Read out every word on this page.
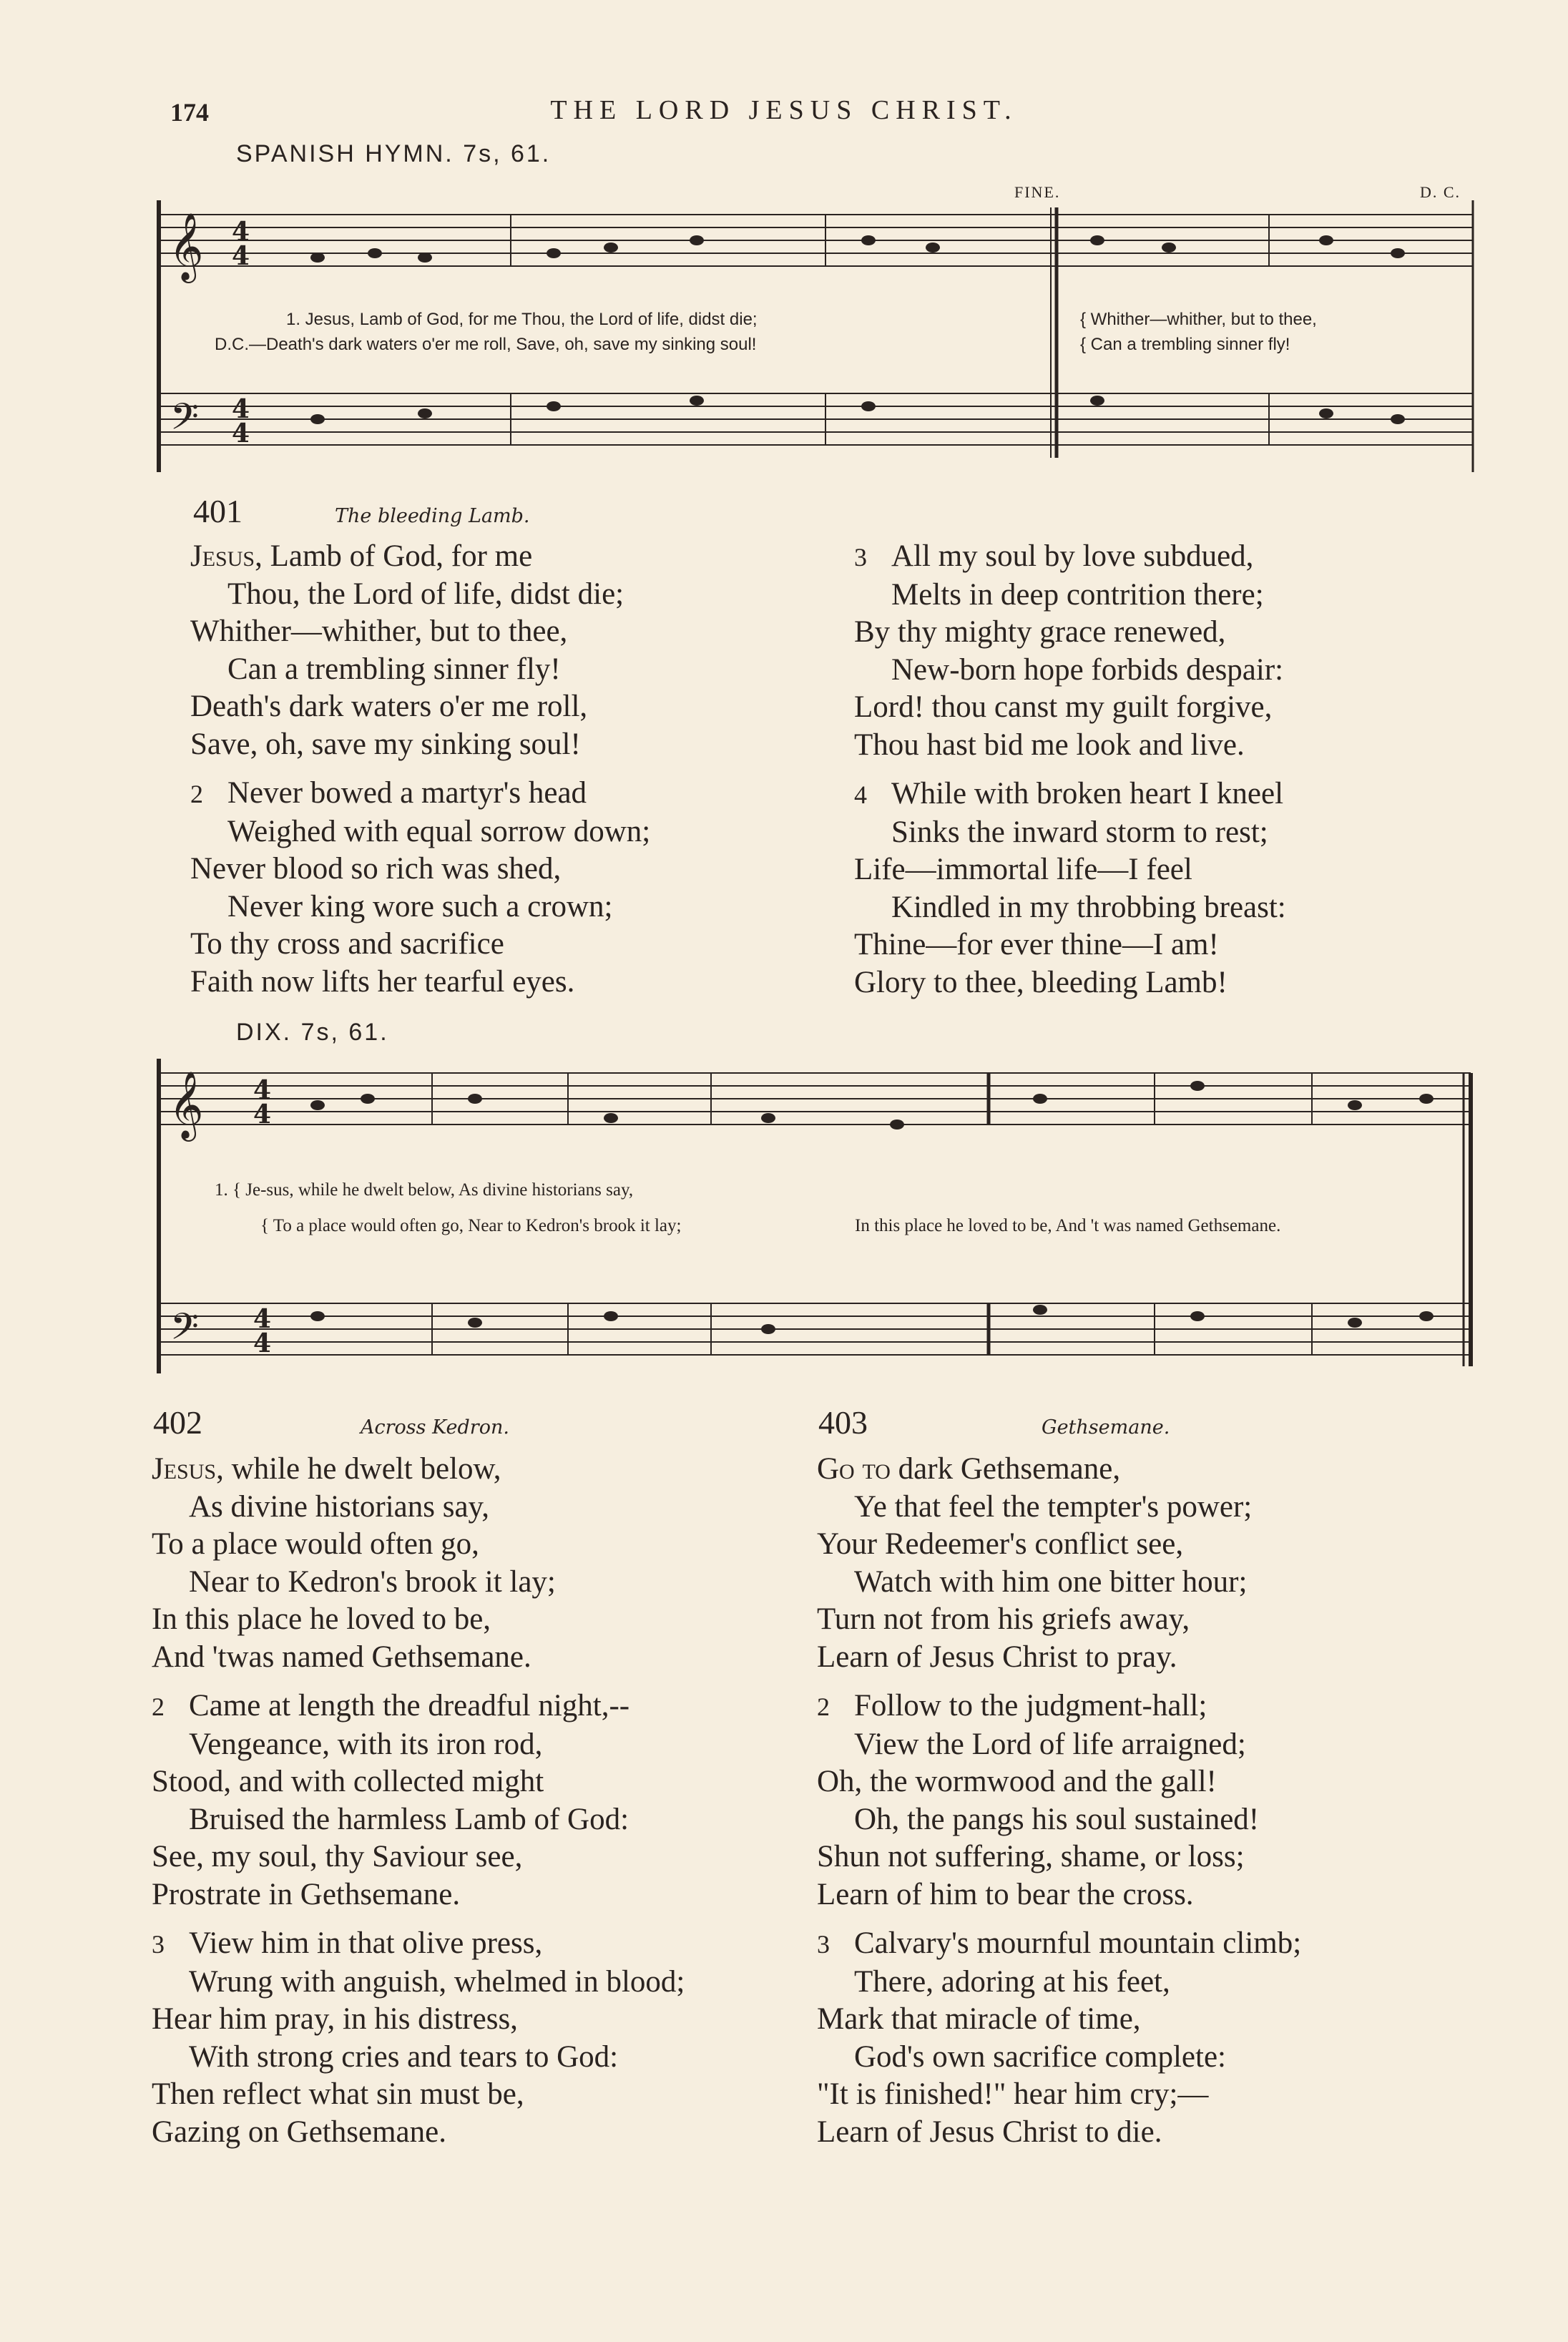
174	THE LORD JESUS CHRIST.
SPANISH HYMN. 7s, 61.
FINE.	D. C.
𝄞
𝄢
4
4
4
4
1. Jesus, Lamb of God, for me Thou, the Lord of life, didst die;
D.C.—Death's dark waters o'er me roll, Save, oh, save my sinking soul!
{ Whither—whither, but to thee,
{ Can a trembling sinner fly!
401	The bleeding Lamb.
Jesus, Lamb of God, for me
Thou, the Lord of life, didst die;
Whither—whither, but to thee,
Can a trembling sinner fly!
Death's dark waters o'er me roll,
Save, oh, save my sinking soul!
2 Never bowed a martyr's head
Weighed with equal sorrow down;
Never blood so rich was shed,
Never king wore such a crown;
To thy cross and sacrifice
Faith now lifts her tearful eyes.
3 All my soul by love subdued,
Melts in deep contrition there;
By thy mighty grace renewed,
New-born hope forbids despair:
Lord! thou canst my guilt forgive,
Thou hast bid me look and live.
4 While with broken heart I kneel
Sinks the inward storm to rest;
Life—immortal life—I feel
Kindled in my throbbing breast:
Thine—for ever thine—I am!
Glory to thee, bleeding Lamb!
DIX. 7s, 61.
𝄞
𝄢
4
4
4
4
1. { Je-sus, while he dwelt below, As divine historians say,
{ To a place would often go, Near to Kedron's brook it lay;	In this place he loved to be, And 't was named Gethsemane.
402	Across Kedron.
Jesus, while he dwelt below,
As divine historians say,
To a place would often go,
Near to Kedron's brook it lay;
In this place he loved to be,
And 'twas named Gethsemane.
2 Came at length the dreadful night,--
Vengeance, with its iron rod,
Stood, and with collected might
Bruised the harmless Lamb of God:
See, my soul, thy Saviour see,
Prostrate in Gethsemane.
3 View him in that olive press,
Wrung with anguish, whelmed in blood;
Hear him pray, in his distress,
With strong cries and tears to God:
Then reflect what sin must be,
Gazing on Gethsemane.
403	Gethsemane.
Go to dark Gethsemane,
Ye that feel the tempter's power;
Your Redeemer's conflict see,
Watch with him one bitter hour;
Turn not from his griefs away,
Learn of Jesus Christ to pray.
2 Follow to the judgment-hall;
View the Lord of life arraigned;
Oh, the wormwood and the gall!
Oh, the pangs his soul sustained!
Shun not suffering, shame, or loss;
Learn of him to bear the cross.
3 Calvary's mournful mountain climb;
There, adoring at his feet,
Mark that miracle of time,
God's own sacrifice complete:
"It is finished!" hear him cry;—
Learn of Jesus Christ to die.
